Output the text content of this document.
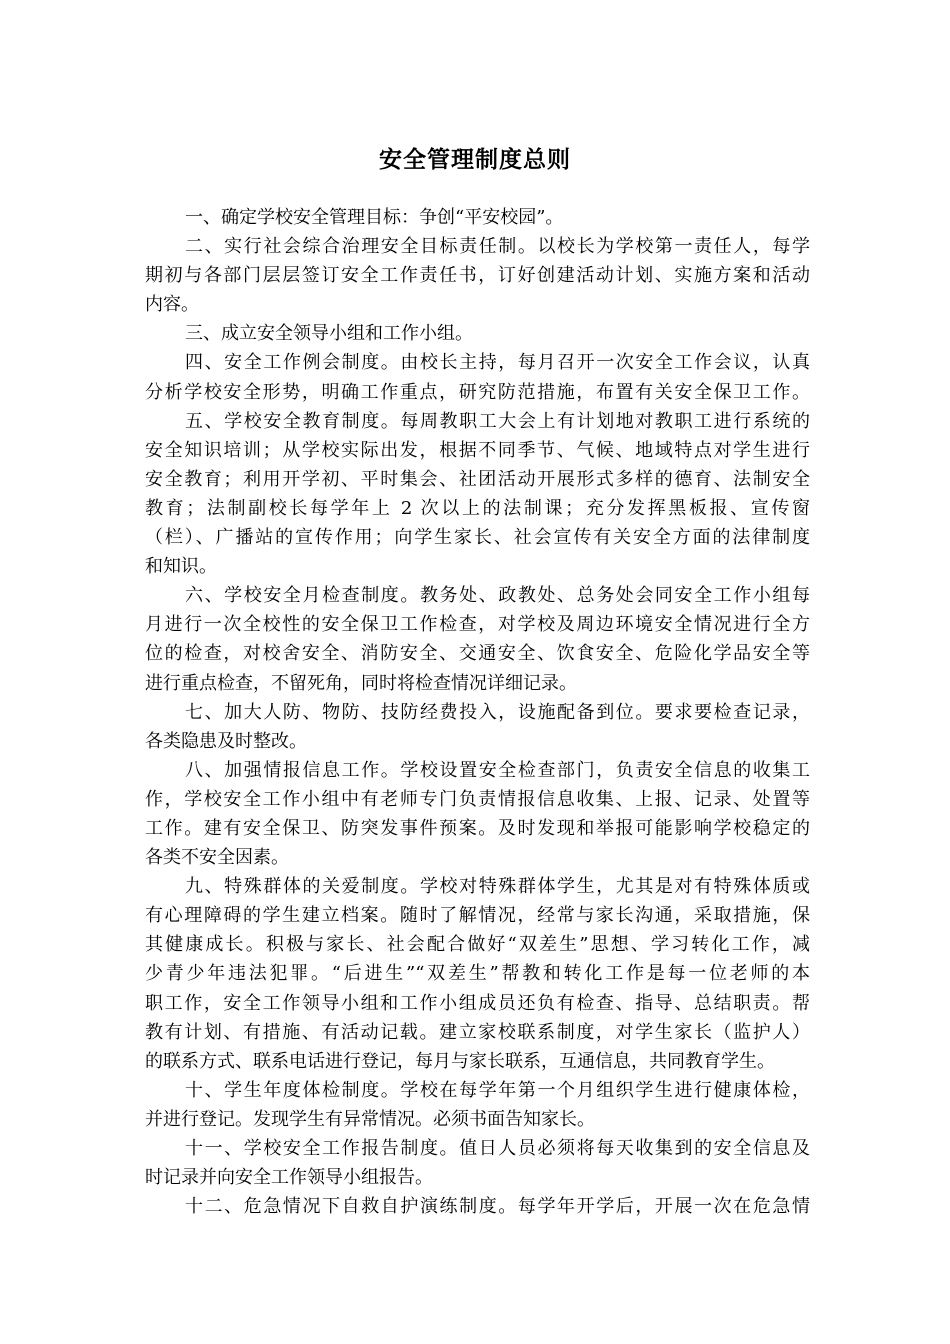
安全管理制度总则
一、确定学校安全管理目标：争创“平安校园”。
二、实行社会综合治理安全目标责任制。以校长为学校第一责任人，每学
期初与各部门层层签订安全工作责任书，订好创建活动计划、实施方案和活动
内容。
三、成立安全领导小组和工作小组。
四、安全工作例会制度。由校长主持，每月召开一次安全工作会议，认真
分析学校安全形势，明确工作重点，研究防范措施，布置有关安全保卫工作。
五、学校安全教育制度。每周教职工大会上有计划地对教职工进行系统的
安全知识培训；从学校实际出发，根据不同季节、气候、地域特点对学生进行
安全教育；利用开学初、平时集会、社团活动开展形式多样的德育、法制安全
教育；法制副校长每学年上 2 次以上的法制课；充分发挥黑板报、宣传窗
（栏）、广播站的宣传作用；向学生家长、社会宣传有关安全方面的法律制度
和知识。
六、学校安全月检查制度。教务处、政教处、总务处会同安全工作小组每
月进行一次全校性的安全保卫工作检查，对学校及周边环境安全情况进行全方
位的检查，对校舍安全、消防安全、交通安全、饮食安全、危险化学品安全等
进行重点检查，不留死角，同时将检查情况详细记录。
七、加大人防、物防、技防经费投入，设施配备到位。要求要检查记录，
各类隐患及时整改。
八、加强情报信息工作。学校设置安全检查部门，负责安全信息的收集工
作，学校安全工作小组中有老师专门负责情报信息收集、上报、记录、处置等
工作。建有安全保卫、防突发事件预案。及时发现和举报可能影响学校稳定的
各类不安全因素。
九、特殊群体的关爱制度。学校对特殊群体学生，尤其是对有特殊体质或
有心理障碍的学生建立档案。随时了解情况，经常与家长沟通，采取措施，保
其健康成长。积极与家长、社会配合做好“双差生”思想、学习转化工作，减
少青少年违法犯罪。“后进生”“双差生”帮教和转化工作是每一位老师的本
职工作，安全工作领导小组和工作小组成员还负有检查、指导、总结职责。帮
教有计划、有措施、有活动记载。建立家校联系制度，对学生家长（监护人）
的联系方式、联系电话进行登记，每月与家长联系，互通信息，共同教育学生。
十、学生年度体检制度。学校在每学年第一个月组织学生进行健康体检，
并进行登记。发现学生有异常情况。必须书面告知家长。
十一、学校安全工作报告制度。值日人员必须将每天收集到的安全信息及
时记录并向安全工作领导小组报告。
十二、危急情况下自救自护演练制度。每学年开学后，开展一次在危急情
